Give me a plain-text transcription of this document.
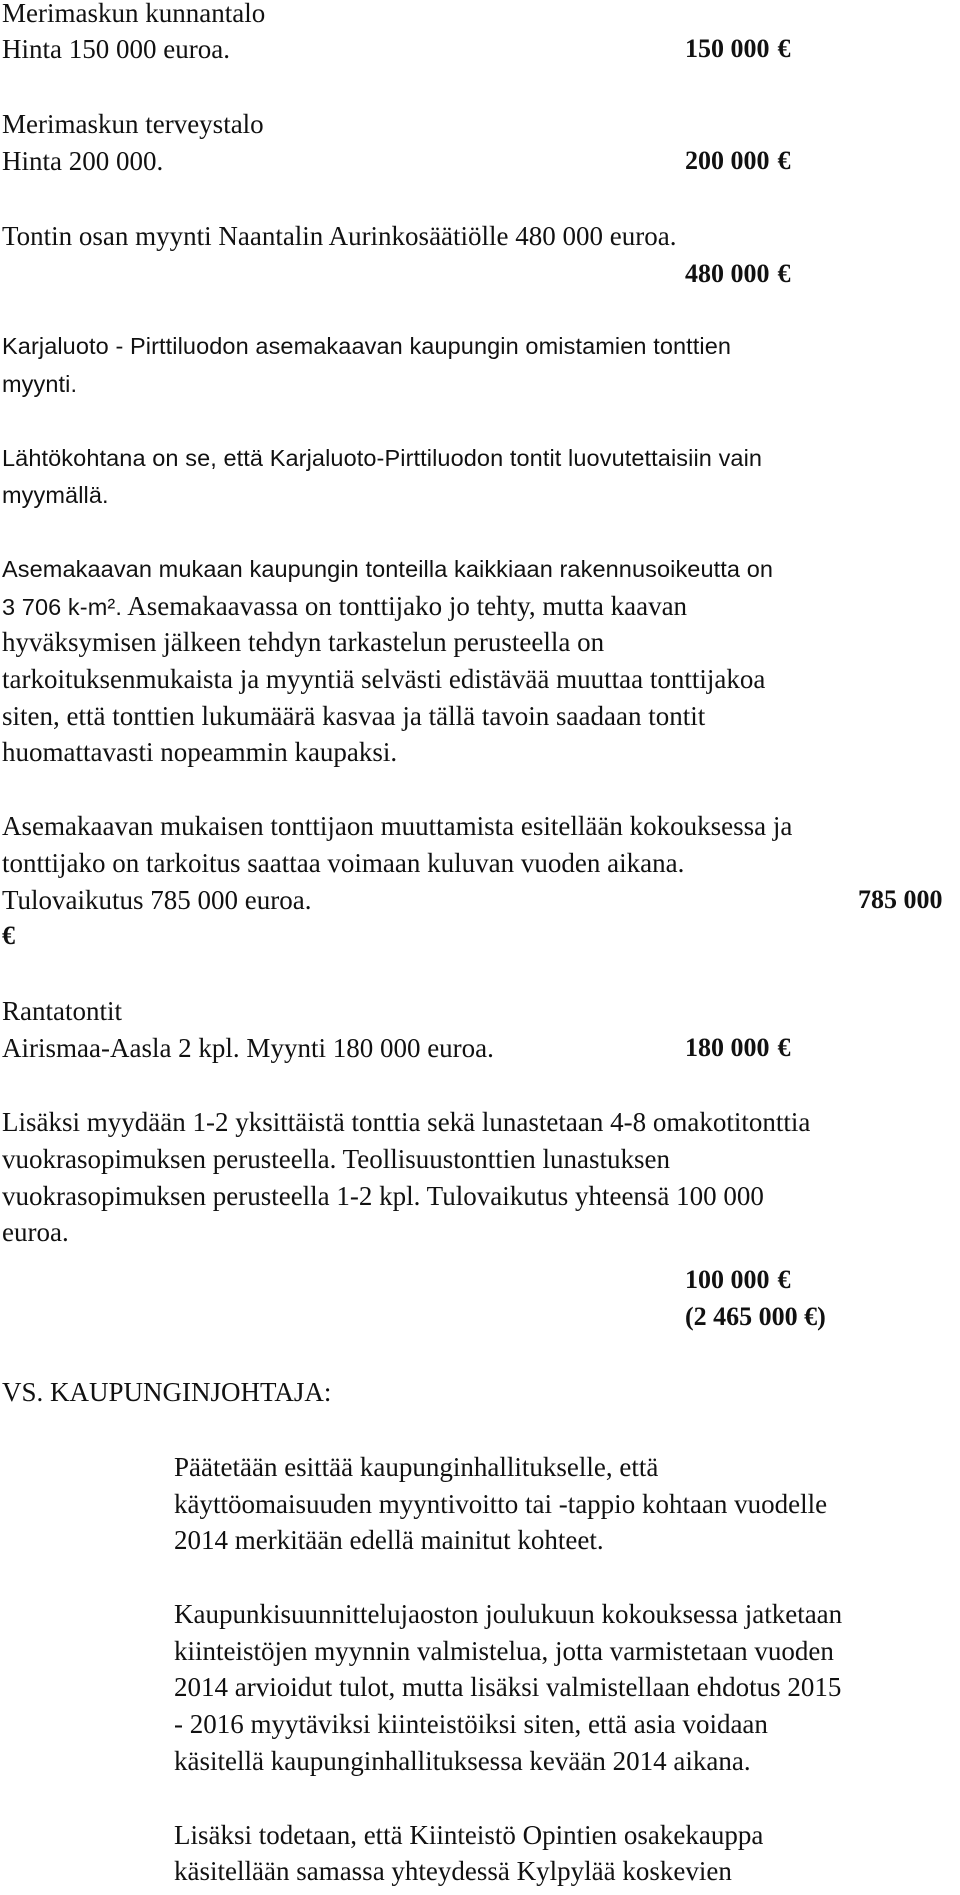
Merimaskun kunnantalo
Hinta 150 000 euroa.	150 000 €
Merimaskun terveystalo
Hinta 200 000.	200 000 €
Tontin osan myynti Naantalin Aurinkosäätiölle 480 000 euroa.
480 000 €
Karjaluoto - Pirttiluodon asemakaavan kaupungin omistamien tonttien
myynti.
Lähtökohtana on se, että Karjaluoto-Pirttiluodon tontit luovutettaisiin vain
myymällä.
Asemakaavan mukaan kaupungin tonteilla kaikkiaan rakennusoikeutta on
3 706 k-m². Asemakaavassa on tonttijako jo tehty, mutta kaavan
hyväksymisen jälkeen tehdyn tarkastelun perusteella on
tarkoituksenmukaista ja myyntiä selvästi edistävää muuttaa tonttijakoa
siten, että tonttien lukumäärä kasvaa ja tällä tavoin saadaan tontit
huomattavasti nopeammin kaupaksi.
Asemakaavan mukaisen tonttijaon muuttamista esitellään kokouksessa ja
tonttijako on tarkoitus saattaa voimaan kuluvan vuoden aikana.
Tulovaikutus 785 000 euroa.	785 000
€
Rantatontit
Airismaa-Aasla 2 kpl. Myynti 180 000 euroa.	180 000 €
Lisäksi myydään 1-2 yksittäistä tonttia sekä lunastetaan 4-8 omakotitonttia
vuokrasopimuksen perusteella. Teollisuustonttien lunastuksen
vuokrasopimuksen perusteella 1-2 kpl. Tulovaikutus yhteensä 100 000
euroa.
100 000 €
(2 465 000 €)
VS. KAUPUNGINJOHTAJA:
Päätetään esittää kaupunginhallitukselle, että
käyttöomaisuuden myyntivoitto tai -tappio kohtaan vuodelle
2014 merkitään edellä mainitut kohteet.
Kaupunkisuunnittelujaoston joulukuun kokouksessa jatketaan
kiinteistöjen myynnin valmistelua, jotta varmistetaan vuoden
2014 arvioidut tulot, mutta lisäksi valmistellaan ehdotus 2015
- 2016 myytäviksi kiinteistöiksi siten, että asia voidaan
käsitellä kaupunginhallituksessa kevään 2014 aikana.
Lisäksi todetaan, että Kiinteistö Opintien osakekauppa
käsitellään samassa yhteydessä Kylpylää koskevien
